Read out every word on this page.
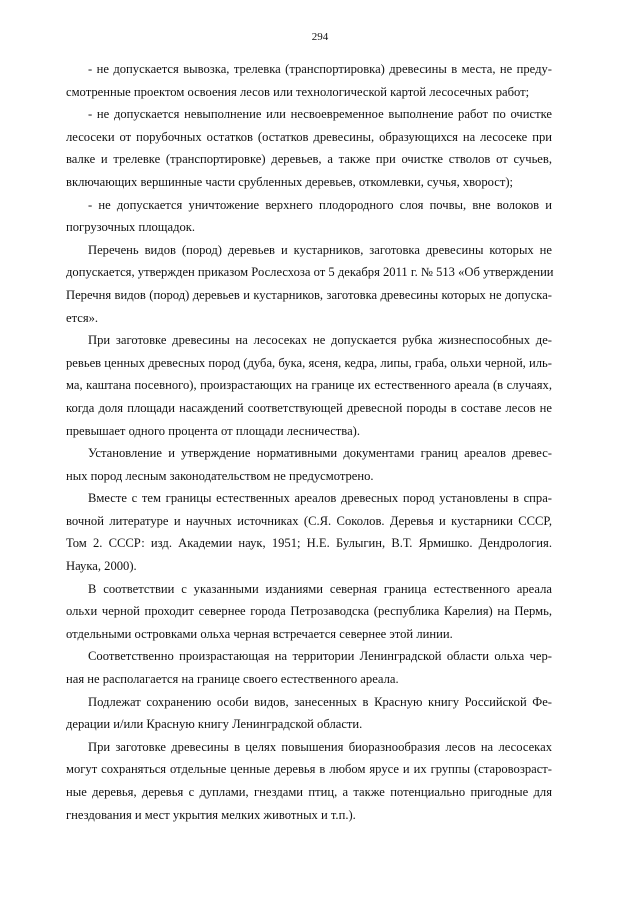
294
- не допускается вывозка, трелевка (транспортировка) древесины в места, не преду-
смотренные проектом освоения лесов или технологической картой лесосечных работ;
- не допускается невыполнение или несвоевременное выполнение работ по очистке
лесосеки от порубочных остатков (остатков древесины, образующихся на лесосеке при
валке и трелевке (транспортировке) деревьев, а также при очистке стволов от сучьев,
включающих вершинные части срубленных деревьев, откомлевки, сучья, хворост);
- не допускается уничтожение верхнего плодородного слоя почвы, вне волоков и
погрузочных площадок.
Перечень видов (пород) деревьев и кустарников, заготовка древесины которых не
допускается, утвержден приказом Рослесхоза от 5 декабря 2011 г. № 513 «Об утверждении
Перечня видов (пород) деревьев и кустарников, заготовка древесины которых не допуска-
ется».
При заготовке древесины на лесосеках не допускается рубка жизнеспособных де-
ревьев ценных древесных пород (дуба, бука, ясеня, кедра, липы, граба, ольхи черной, иль-
ма, каштана посевного), произрастающих на границе их естественного ареала (в случаях,
когда доля площади насаждений соответствующей древесной породы в составе лесов не
превышает одного процента от площади лесничества).
Установление и утверждение нормативными документами границ ареалов древес-
ных пород лесным законодательством не предусмотрено.
Вместе с тем границы естественных ареалов древесных пород установлены в спра-
вочной литературе и научных источниках (С.Я. Соколов. Деревья и кустарники СССР,
Том 2. СССР: изд. Академии наук, 1951; Н.Е. Булыгин, В.Т. Ярмишко. Дендрология.
Наука, 2000).
В соответствии с указанными изданиями северная граница естественного ареала
ольхи черной проходит севернее города Петрозаводска (республика Карелия) на Пермь,
отдельными островками ольха черная встречается севернее этой линии.
Соответственно произрастающая на территории Ленинградской области ольха чер-
ная не располагается на границе своего естественного ареала.
Подлежат сохранению особи видов, занесенных в Красную книгу Российской Фе-
дерации и/или Красную книгу Ленинградской области.
При заготовке древесины в целях повышения биоразнообразия лесов на лесосеках
могут сохраняться отдельные ценные деревья в любом ярусе и их группы (старовозраст-
ные деревья, деревья с дуплами, гнездами птиц, а также потенциально пригодные для
гнездования и мест укрытия мелких животных и т.п.).
